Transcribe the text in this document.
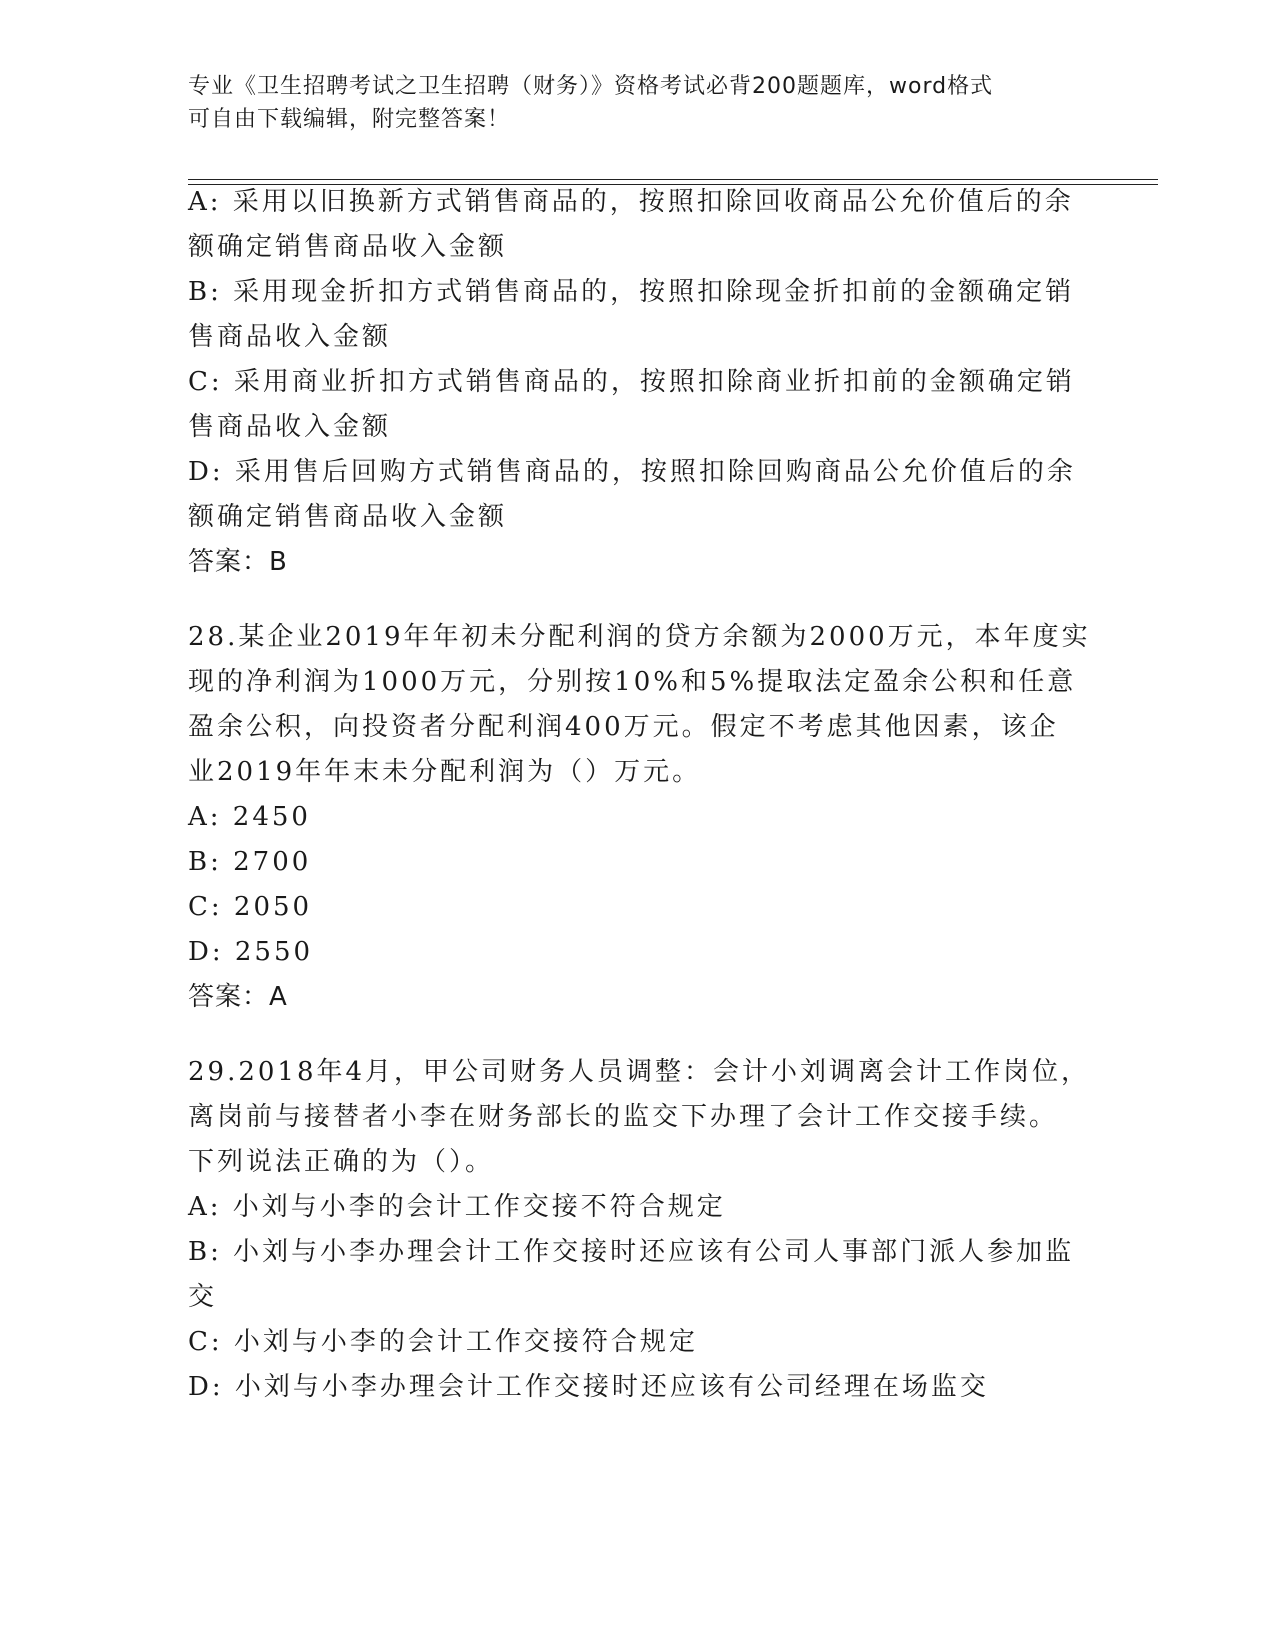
专业《卫生招聘考试之卫生招聘（财务）》资格考试必背200题题库，word格式
可自由下载编辑，附完整答案！
A: 采用以旧换新方式销售商品的，按照扣除回收商品公允价值后的余
额确定销售商品收入金额
B: 采用现金折扣方式销售商品的，按照扣除现金折扣前的金额确定销
售商品收入金额
C: 采用商业折扣方式销售商品的，按照扣除商业折扣前的金额确定销
售商品收入金额
D: 采用售后回购方式销售商品的，按照扣除回购商品公允价值后的余
额确定销售商品收入金额
答案：B
28.某企业2019年年初未分配利润的贷方余额为2000万元，本年度实
现的净利润为1000万元，分别按10%和5%提取法定盈余公积和任意
盈余公积，向投资者分配利润400万元。假定不考虑其他因素，该企
业2019年年末未分配利润为（）万元。
A: 2450
B: 2700
C: 2050
D: 2550
答案：A
29.2018年4月，甲公司财务人员调整：会计小刘调离会计工作岗位，
离岗前与接替者小李在财务部长的监交下办理了会计工作交接手续。
下列说法正确的为（）。
A: 小刘与小李的会计工作交接不符合规定
B: 小刘与小李办理会计工作交接时还应该有公司人事部门派人参加监
交
C: 小刘与小李的会计工作交接符合规定
D: 小刘与小李办理会计工作交接时还应该有公司经理在场监交
